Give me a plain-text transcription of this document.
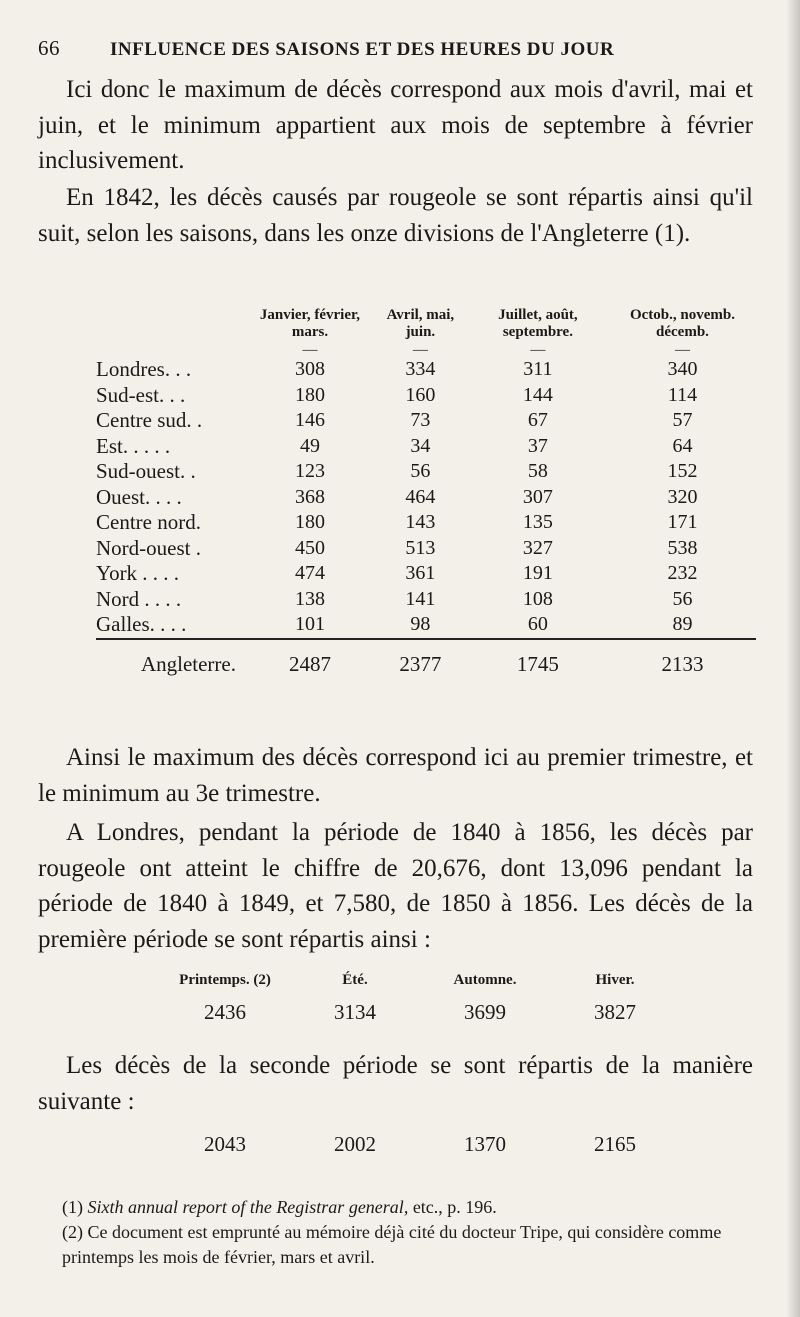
66	INFLUENCE DES SAISONS ET DES HEURES DU JOUR
Ici donc le maximum de décès correspond aux mois d'avril, mai et juin, et le minimum appartient aux mois de septembre à février inclusivement.
En 1842, les décès causés par rougeole se sont répartis ainsi qu'il suit, selon les saisons, dans les onze divisions de l'Angleterre (1).
	Janvier, février, mars.	Avril, mai, juin.	Juillet, août, septembre.	Octob., novemb. décemb.
	—	—	—	—
Londres. . .	308	334	311	340
Sud-est. . .	180	160	144	114
Centre sud. .	146	73	67	57
Est. . . . .	49	34	37	64
Sud-ouest. .	123	56	58	152
Ouest. . . .	368	464	307	320
Centre nord.	180	143	135	171
Nord-ouest .	450	513	327	538
York . . . .	474	361	191	232
Nord . . . .	138	141	108	56
Galles. . . .	101	98	60	89
Angleterre.	2487	2377	1745	2133
Ainsi le maximum des décès correspond ici au premier trimestre, et le minimum au 3e trimestre.
A Londres, pendant la période de 1840 à 1856, les décès par rougeole ont atteint le chiffre de 20,676, dont 13,096 pendant la période de 1840 à 1849, et 7,580, de 1850 à 1856. Les décès de la première période se sont répartis ainsi :
Printemps. (2)	Été.	Automne.	Hiver.
2436	3134	3699	3827
Les décès de la seconde période se sont répartis de la manière suivante :
2043	2002	1370	2165
(1) Sixth annual report of the Registrar general, etc., p. 196.
(2) Ce document est emprunté au mémoire déjà cité du docteur Tripe, qui considère comme printemps les mois de février, mars et avril.
